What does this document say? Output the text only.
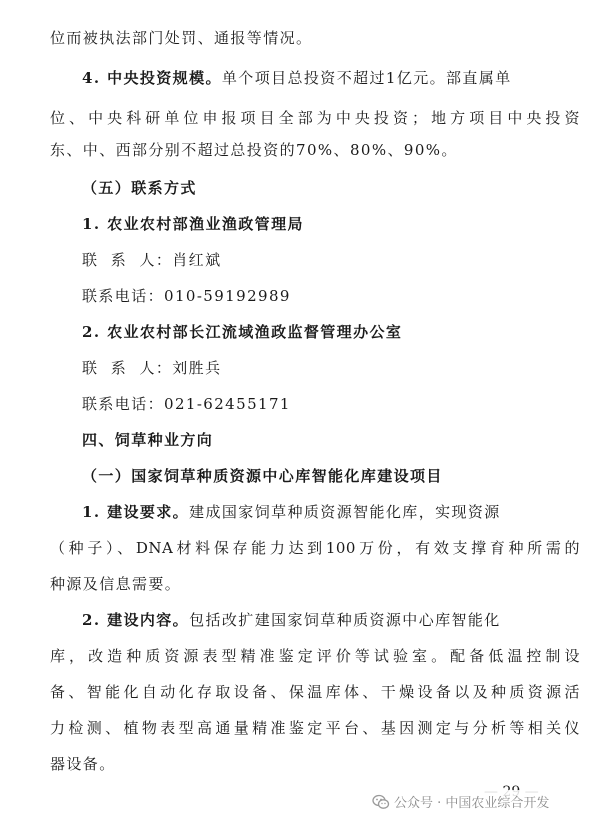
位而被执法部门处罚、通报等情况。
4. 中央投资规模。单个项目总投资不超过1亿元。部直属单
位、中央科研单位申报项目全部为中央投资；地方项目中央投资
东、中、西部分别不超过总投资的70%、80%、90%。
（五）联系方式
1. 农业农村部渔业渔政管理局
联  系  人：肖红斌
联系电话：010-59192989
2. 农业农村部长江流域渔政监督管理办公室
联  系  人：刘胜兵
联系电话：021-62455171
四、饲草种业方向
（一）国家饲草种质资源中心库智能化库建设项目
1. 建设要求。建成国家饲草种质资源智能化库，实现资源
（种子）、DNA材料保存能力达到100万份，有效支撑育种所需的
种源及信息需要。
2. 建设内容。包括改扩建国家饲草种质资源中心库智能化
库，改造种质资源表型精准鉴定评价等试验室。配备低温控制设
备、智能化自动化存取设备、保温库体、干燥设备以及种质资源活
力检测、植物表型高通量精准鉴定平台、基因测定与分析等相关仪
器设备。
公众号 · 中国农业综合开发
